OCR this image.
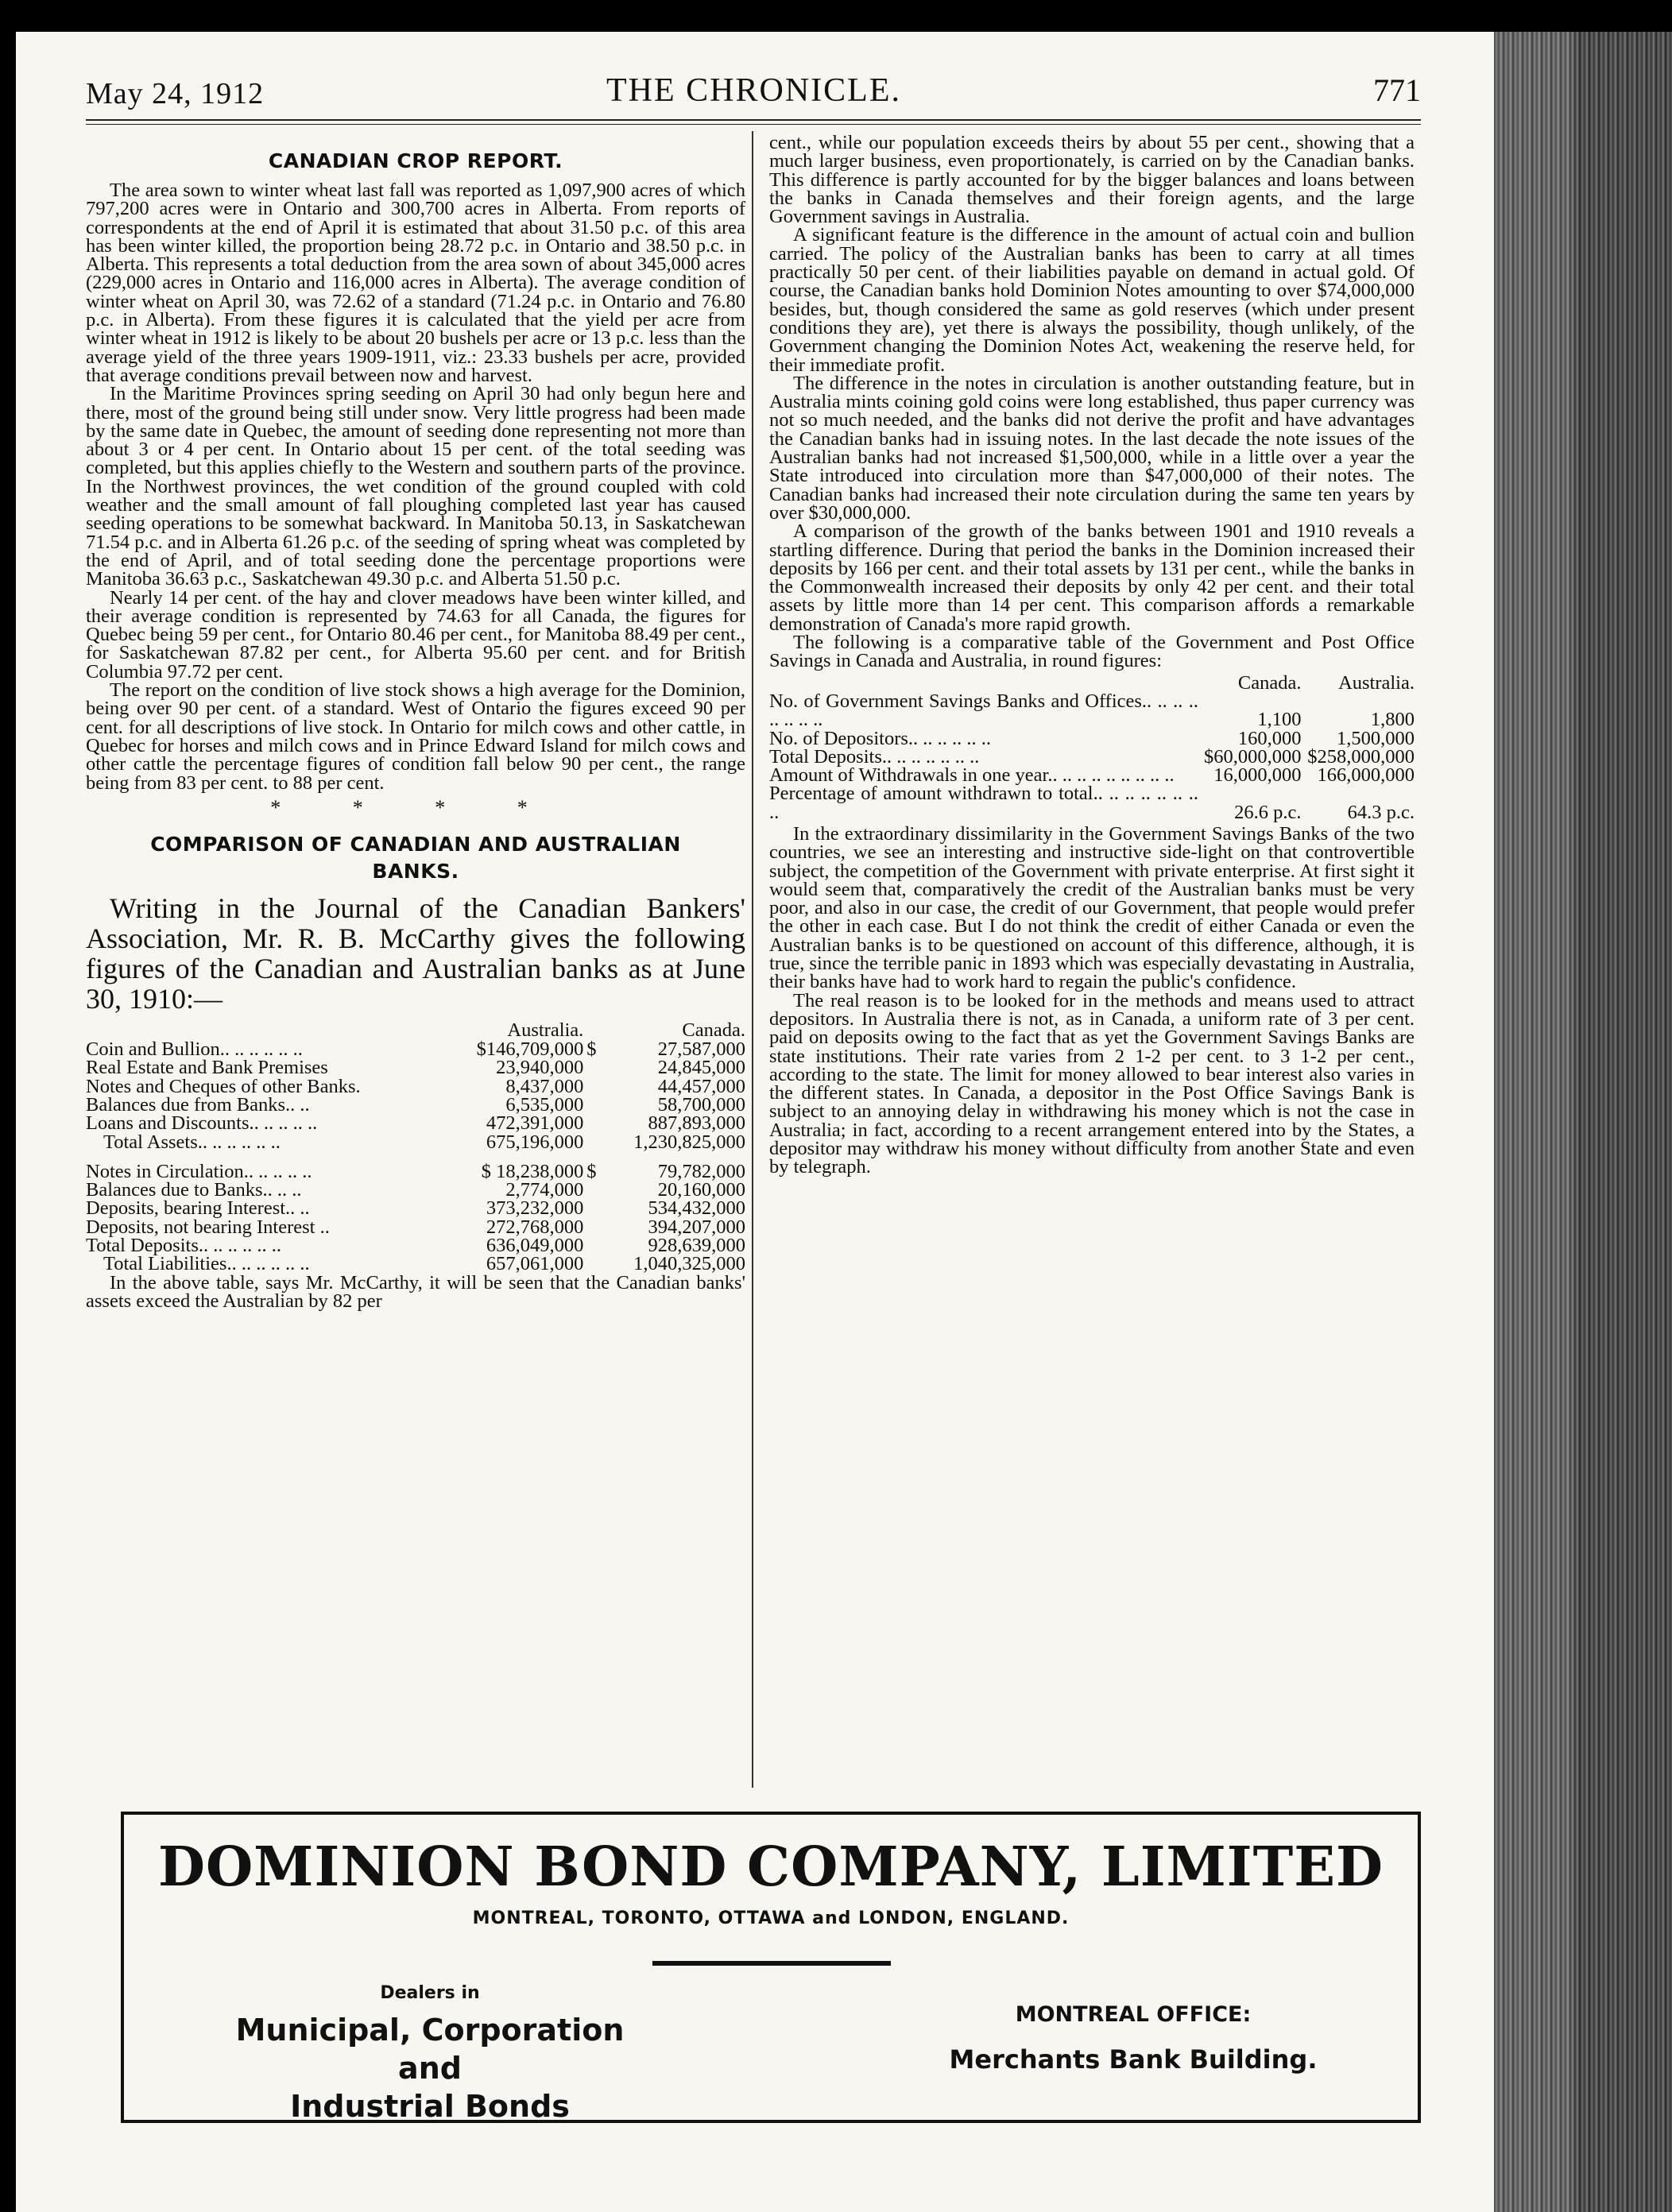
May 24, 1912	THE CHRONICLE.	771
CANADIAN CROP REPORT.

The area sown to winter wheat last fall was reported as 1,097,900 acres of which 797,200 acres were in Ontario and 300,700 acres in Alberta. From reports of correspondents at the end of April it is estimated that about 31.50 p.c. of this area has been winter killed, the proportion being 28.72 p.c. in Ontario and 38.50 p.c. in Alberta. This represents a total deduction from the area sown of about 345,000 acres (229,000 acres in Ontario and 116,000 acres in Alberta). The average condition of winter wheat on April 30, was 72.62 of a standard (71.24 p.c. in Ontario and 76.80 p.c. in Alberta). From these figures it is calculated that the yield per acre from winter wheat in 1912 is likely to be about 20 bushels per acre or 13 p.c. less than the average yield of the three years 1909-1911, viz.: 23.33 bushels per acre, provided that average conditions prevail between now and harvest.

In the Maritime Provinces spring seeding on April 30 had only begun here and there, most of the ground being still under snow. Very little progress had been made by the same date in Quebec, the amount of seeding done representing not more than about 3 or 4 per cent. In Ontario about 15 per cent. of the total seeding was completed, but this applies chiefly to the Western and southern parts of the province. In the Northwest provinces, the wet condition of the ground coupled with cold weather and the small amount of fall ploughing completed last year has caused seeding operations to be somewhat backward. In Manitoba 50.13, in Saskatchewan 71.54 p.c. and in Alberta 61.26 p.c. of the seeding of spring wheat was completed by the end of April, and of total seeding done the percentage proportions were Manitoba 36.63 p.c., Saskatchewan 49.30 p.c. and Alberta 51.50 p.c.

Nearly 14 per cent. of the hay and clover meadows have been winter killed, and their average condition is represented by 74.63 for all Canada, the figures for Quebec being 59 per cent., for Ontario 80.46 per cent., for Manitoba 88.49 per cent., for Saskatchewan 87.82 per cent., for Alberta 95.60 per cent. and for British Columbia 97.72 per cent.

The report on the condition of live stock shows a high average for the Dominion, being over 90 per cent. of a standard. West of Ontario the figures exceed 90 per cent. for all descriptions of live stock. In Ontario for milch cows and other cattle, in Quebec for horses and milch cows and in Prince Edward Island for milch cows and other cattle the percentage figures of condition fall below 90 per cent., the range being from 83 per cent. to 88 per cent.

* * * *
COMPARISON OF CANADIAN AND AUSTRALIAN
BANKS.

Writing in the Journal of the Canadian Bankers' Association, Mr. R. B. McCarthy gives the following figures of the Canadian and Australian banks as at June 30, 1910:—

	Australia.		Canada.
Coin and Bullion.. .. .. .. .. ..	$146,709,000	$	27,587,000
Real Estate and Bank Premises	23,940,000		24,845,000
Notes and Cheques of other Banks.	8,437,000		44,457,000
Balances due from Banks.. ..	6,535,000		58,700,000
Loans and Discounts.. .. .. .. ..	472,391,000		887,893,000
Total Assets.. .. .. .. .. ..	675,196,000		1,230,825,000

Notes in Circulation.. .. .. .. ..	$ 18,238,000	$	79,782,000
Balances due to Banks.. .. ..	2,774,000		20,160,000
Deposits, bearing Interest.. ..	373,232,000		534,432,000
Deposits, not bearing Interest ..	272,768,000		394,207,000
Total Deposits.. .. .. .. .. ..	636,049,000		928,639,000
Total Liabilities.. .. .. .. .. ..	657,061,000		1,040,325,000

In the above table, says Mr. McCarthy, it will be seen that the Canadian banks' assets exceed the Australian by 82 per

cent., while our population exceeds theirs by about 55 per cent., showing that a much larger business, even proportionately, is carried on by the Canadian banks. This difference is partly accounted for by the bigger balances and loans between the banks in Canada themselves and their foreign agents, and the large Government savings in Australia.

A significant feature is the difference in the amount of actual coin and bullion carried. The policy of the Australian banks has been to carry at all times practically 50 per cent. of their liabilities payable on demand in actual gold. Of course, the Canadian banks hold Dominion Notes amounting to over $74,000,000 besides, but, though considered the same as gold reserves (which under present conditions they are), yet there is always the possibility, though unlikely, of the Government changing the Dominion Notes Act, weakening the reserve held, for their immediate profit.

The difference in the notes in circulation is another outstanding feature, but in Australia mints coining gold coins were long established, thus paper currency was not so much needed, and the banks did not derive the profit and have advantages the Canadian banks had in issuing notes. In the last decade the note issues of the Australian banks had not increased $1,500,000, while in a little over a year the State introduced into circulation more than $47,000,000 of their notes. The Canadian banks had increased their note circulation during the same ten years by over $30,000,000.

A comparison of the growth of the banks between 1901 and 1910 reveals a startling difference. During that period the banks in the Dominion increased their deposits by 166 per cent. and their total assets by 131 per cent., while the banks in the Commonwealth increased their deposits by only 42 per cent. and their total assets by little more than 14 per cent. This comparison affords a remarkable demonstration of Canada's more rapid growth.

The following is a comparative table of the Government and Post Office Savings in Canada and Australia, in round figures:

	Canada.	Australia.
No. of Government Savings Banks and Offices.. .. .. .. .. .. .. ..	1,100	1,800
No. of Depositors.. .. .. .. .. ..	160,000	1,500,000
Total Deposits.. .. .. .. .. .. ..	$60,000,000	$258,000,000
Amount of Withdrawals in one year.. .. .. .. .. .. .. .. ..	16,000,000	166,000,000
Percentage of amount withdrawn to total.. .. .. .. .. .. .. ..	26.6 p.c.	64.3 p.c.

In the extraordinary dissimilarity in the Government Savings Banks of the two countries, we see an interesting and instructive side-light on that controvertible subject, the competition of the Government with private enterprise. At first sight it would seem that, comparatively the credit of the Australian banks must be very poor, and also in our case, the credit of our Government, that people would prefer the other in each case. But I do not think the credit of either Canada or even the Australian banks is to be questioned on account of this difference, although, it is true, since the terrible panic in 1893 which was especially devastating in Australia, their banks have had to work hard to regain the public's confidence.

The real reason is to be looked for in the methods and means used to attract depositors. In Australia there is not, as in Canada, a uniform rate of 3 per cent. paid on deposits owing to the fact that as yet the Government Savings Banks are state institutions. Their rate varies from 2 1-2 per cent. to 3 1-2 per cent., according to the state. The limit for money allowed to bear interest also varies in the different states. In Canada, a depositor in the Post Office Savings Bank is subject to an annoying delay in withdrawing his money which is not the case in Australia; in fact, according to a recent arrangement entered into by the States, a depositor may withdraw his money without difficulty from another State and even by telegraph.

DOMINION BOND COMPANY, LIMITED
MONTREAL, TORONTO, OTTAWA and LONDON, ENGLAND.
Dealers in
Municipal, Corporation and
Industrial Bonds
MONTREAL OFFICE:
Merchants Bank Building.
